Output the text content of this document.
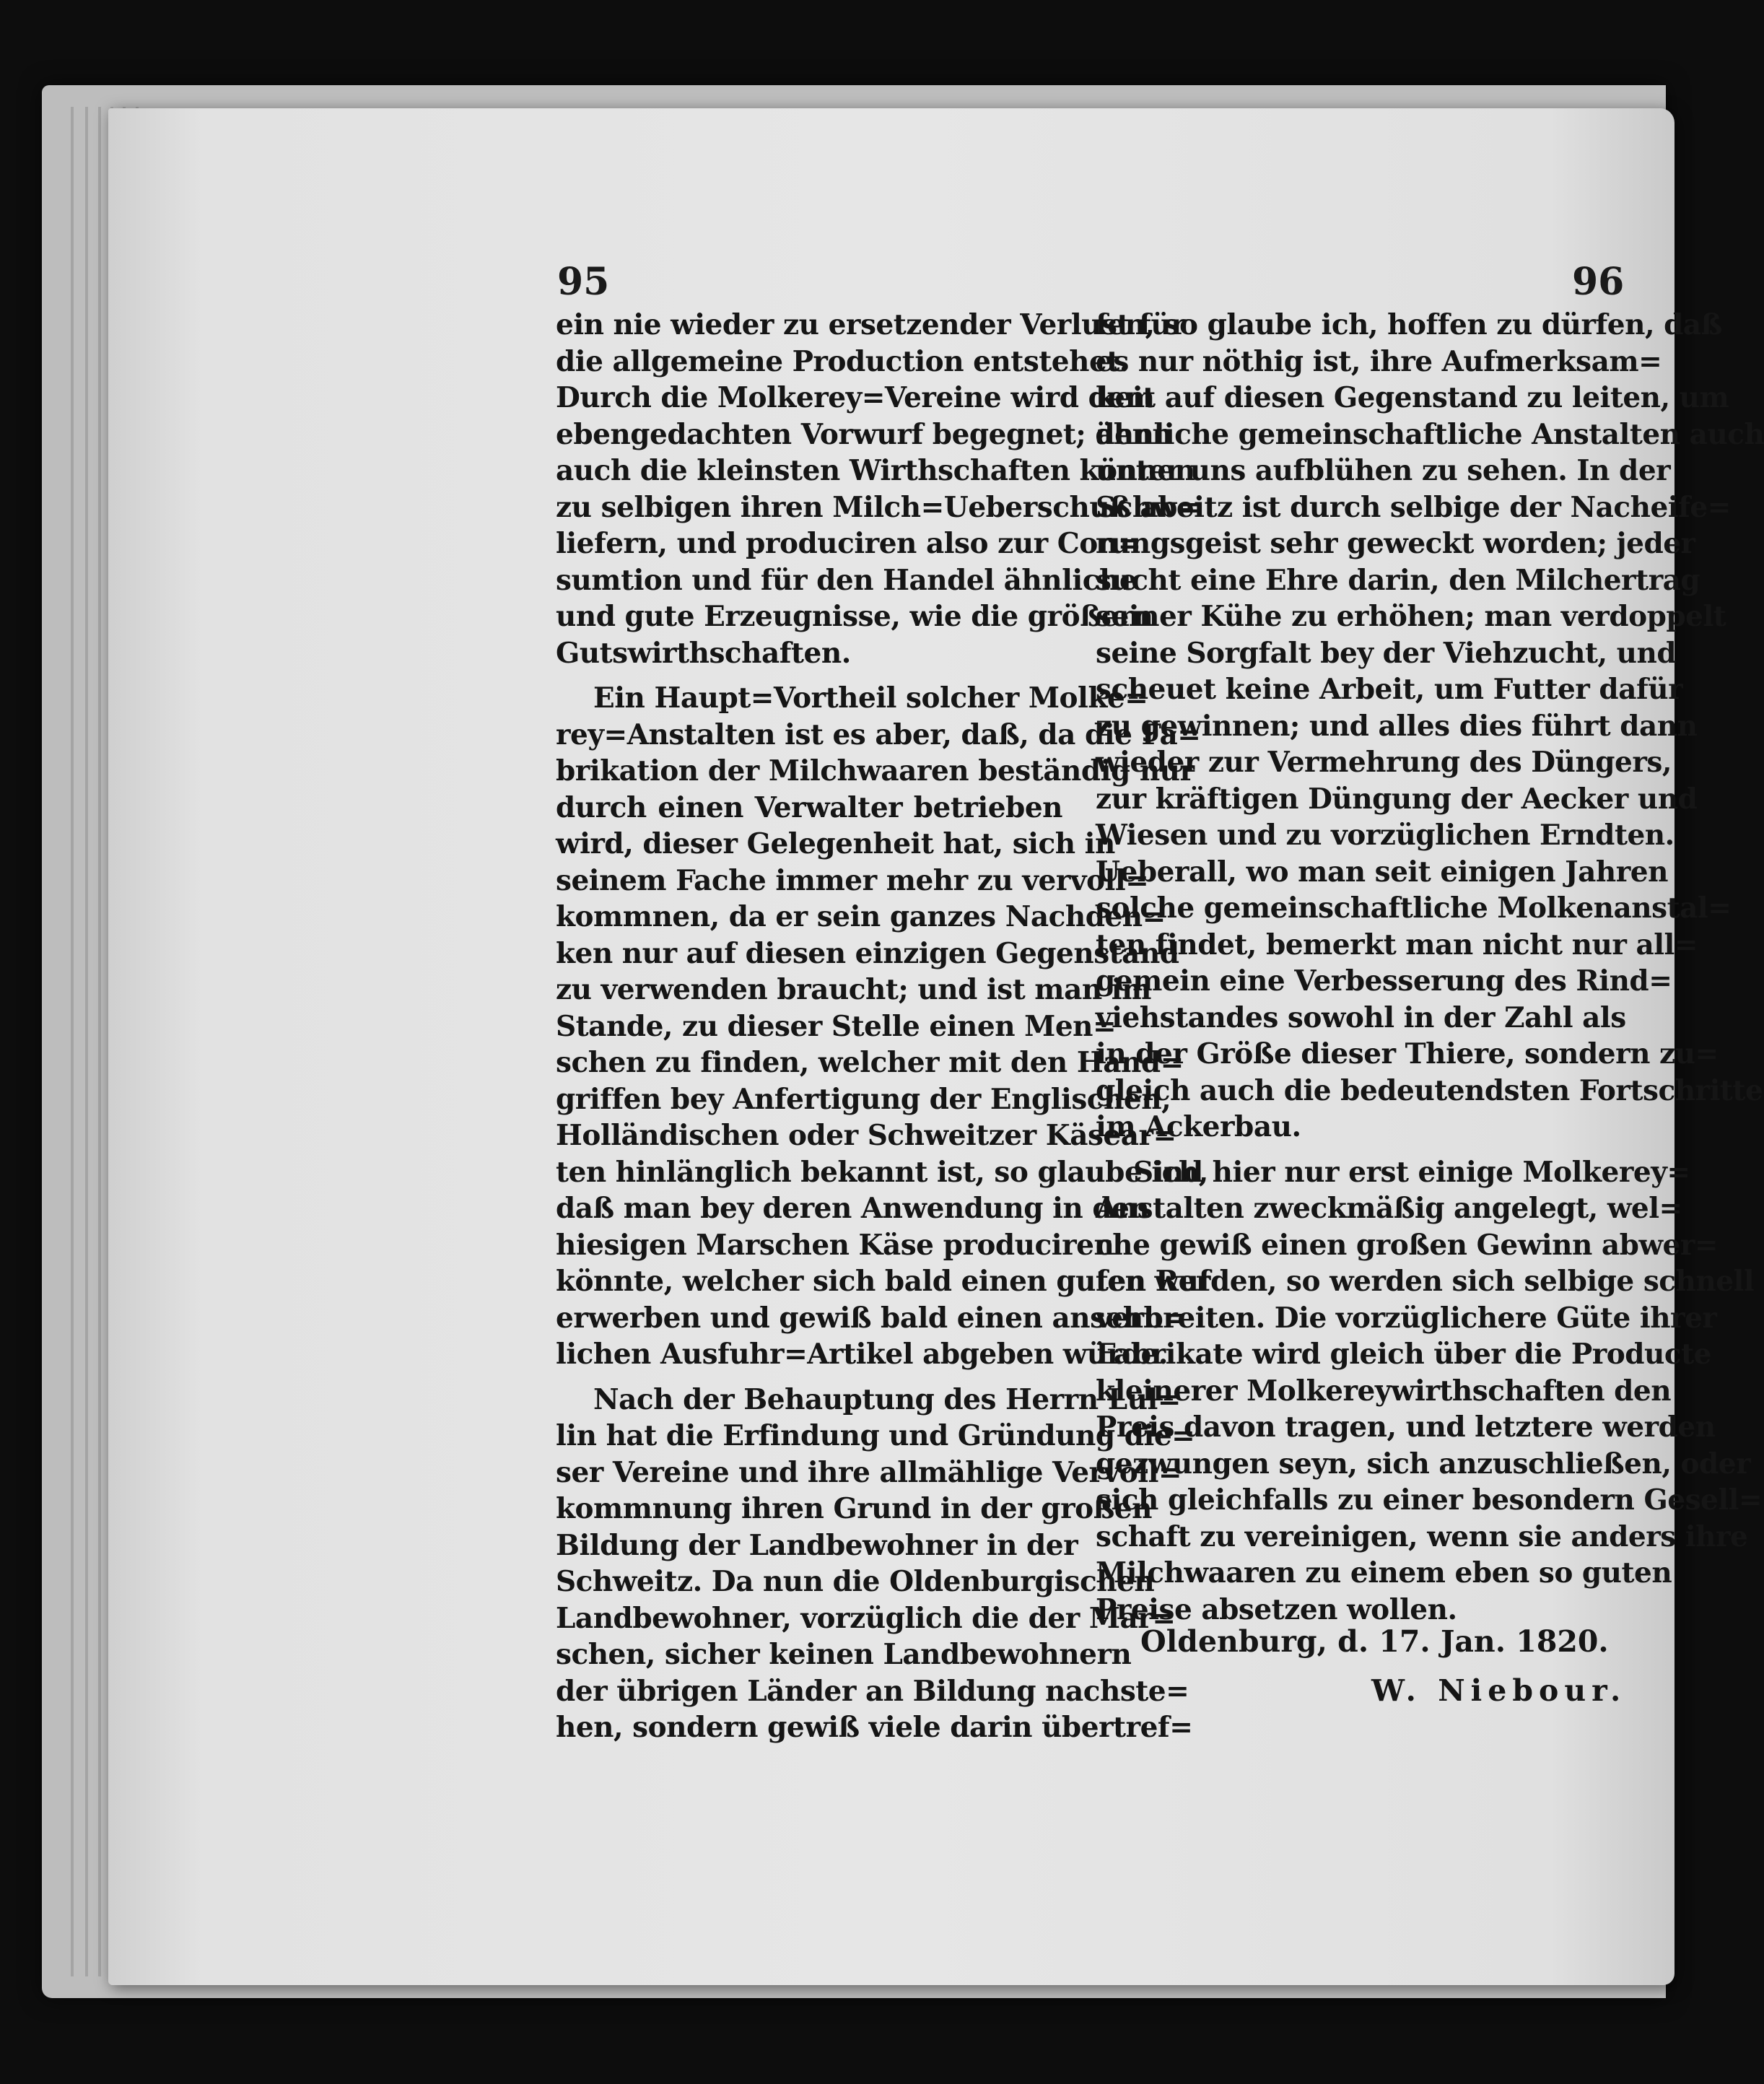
95	96
ein nie wieder zu ersetzender Verlust für
die allgemeine Production entstehet.
Durch die Molkerey=Vereine wird dem
ebengedachten Vorwurf begegnet; denn
auch die kleinsten Wirthschaften können
zu selbigen ihren Milch=Ueberschuß ab=
liefern, und produciren also zur Con=
sumtion und für den Handel ähnliche
und gute Erzeugnisse, wie die größern
Gutswirthschaften.
Ein Haupt=Vortheil solcher Molke=
rey=Anstalten ist es aber, daß, da die Fa=
brikation der Milchwaaren beständig nur
durch einen Verwalter betrieben
wird, dieser Gelegenheit hat, sich in
seinem Fache immer mehr zu vervoll=
kommnen, da er sein ganzes Nachden=
ken nur auf diesen einzigen Gegenstand
zu verwenden braucht; und ist man im
Stande, zu dieser Stelle einen Men=
schen zu finden, welcher mit den Hand=
griffen bey Anfertigung der Englischen,
Holländischen oder Schweitzer Käsear=
ten hinlänglich bekannt ist, so glaube ich,
daß man bey deren Anwendung in den
hiesigen Marschen Käse produciren
könnte, welcher sich bald einen guten Ruf
erwerben und gewiß bald einen ansehn=
lichen Ausfuhr=Artikel abgeben würde.
Nach der Behauptung des Herrn Lul=
lin hat die Erfindung und Gründung die=
ser Vereine und ihre allmählige Vervoll=
kommnung ihren Grund in der großen
Bildung der Landbewohner in der
Schweitz. Da nun die Oldenburgischen
Landbewohner, vorzüglich die der Mar=
schen, sicher keinen Landbewohnern
der übrigen Länder an Bildung nachste=
hen, sondern gewiß viele darin übertref=
fen, so glaube ich, hoffen zu dürfen, daß
es nur nöthig ist, ihre Aufmerksam=
keit auf diesen Gegenstand zu leiten, um
ähnliche gemeinschaftliche Anstalten auch
unter uns aufblühen zu sehen. In der
Schweitz ist durch selbige der Nacheife=
rungsgeist sehr geweckt worden; jeder
sucht eine Ehre darin, den Milchertrag
seiner Kühe zu erhöhen; man verdoppelt
seine Sorgfalt bey der Viehzucht, und
scheuet keine Arbeit, um Futter dafür
zu gewinnen; und alles dies führt dann
wieder zur Vermehrung des Düngers,
zur kräftigen Düngung der Aecker und
Wiesen und zu vorzüglichen Erndten.
Ueberall, wo man seit einigen Jahren
solche gemeinschaftliche Molkenanstal=
ten findet, bemerkt man nicht nur all=
gemein eine Verbesserung des Rind=
viehstandes sowohl in der Zahl als
in der Größe dieser Thiere, sondern zu=
gleich auch die bedeutendsten Fortschritte
im Ackerbau.
Sind hier nur erst einige Molkerey=
Anstalten zweckmäßig angelegt, wel=
che gewiß einen großen Gewinn abwer=
fen werden, so werden sich selbige schnell
verbreiten. Die vorzüglichere Güte ihrer
Fabrikate wird gleich über die Producte
kleinerer Molkereywirthschaften den
Preis davon tragen, und letztere werden
gezwungen seyn, sich anzuschließen, oder
sich gleichfalls zu einer besondern Gesell=
schaft zu vereinigen, wenn sie anders ihre
Milchwaaren zu einem eben so guten
Preise absetzen wollen.
Oldenburg, d. 17. Jan. 1820.
W. Niebour.
